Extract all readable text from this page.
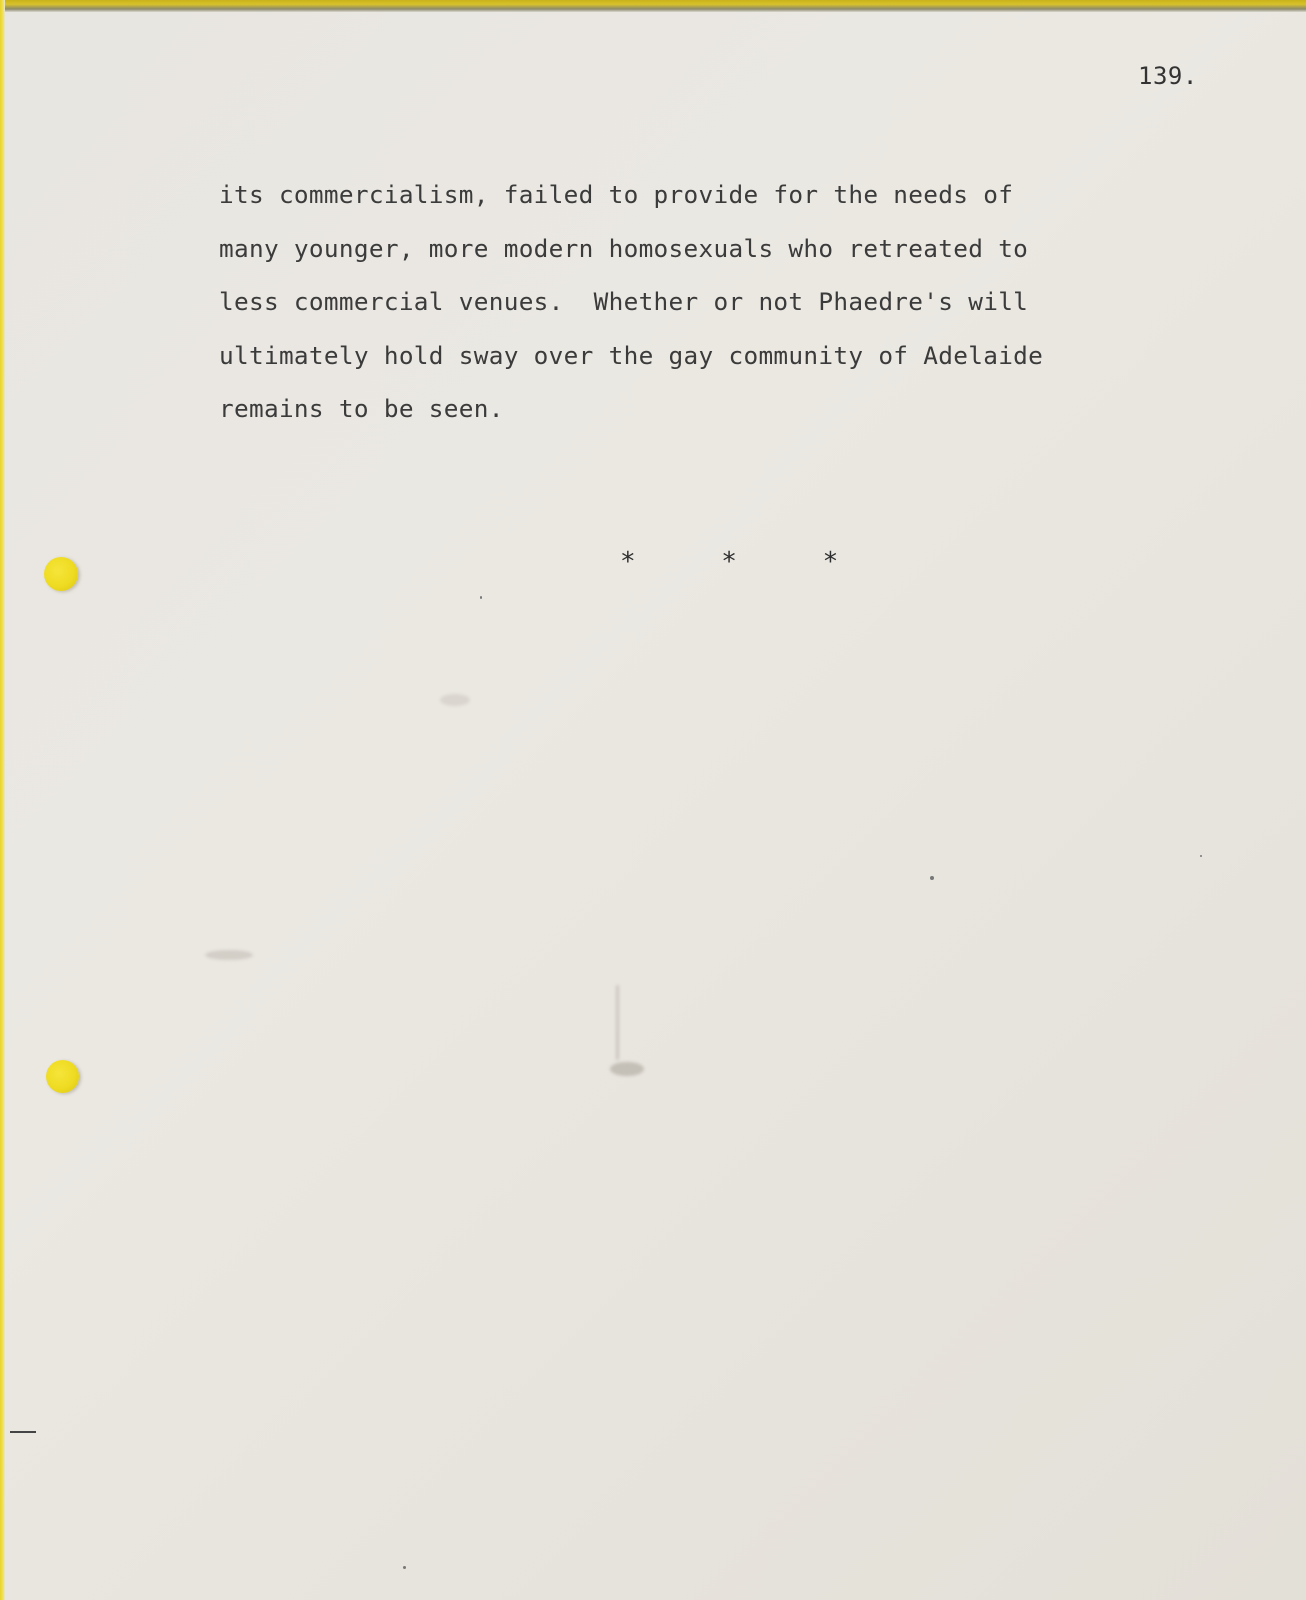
139.
its commercialism, failed to provide for the needs of
many younger, more modern homosexuals who retreated to
less commercial venues.  Whether or not Phaedre's will
ultimately hold sway over the gay community of Adelaide
remains to be seen.
* * *
